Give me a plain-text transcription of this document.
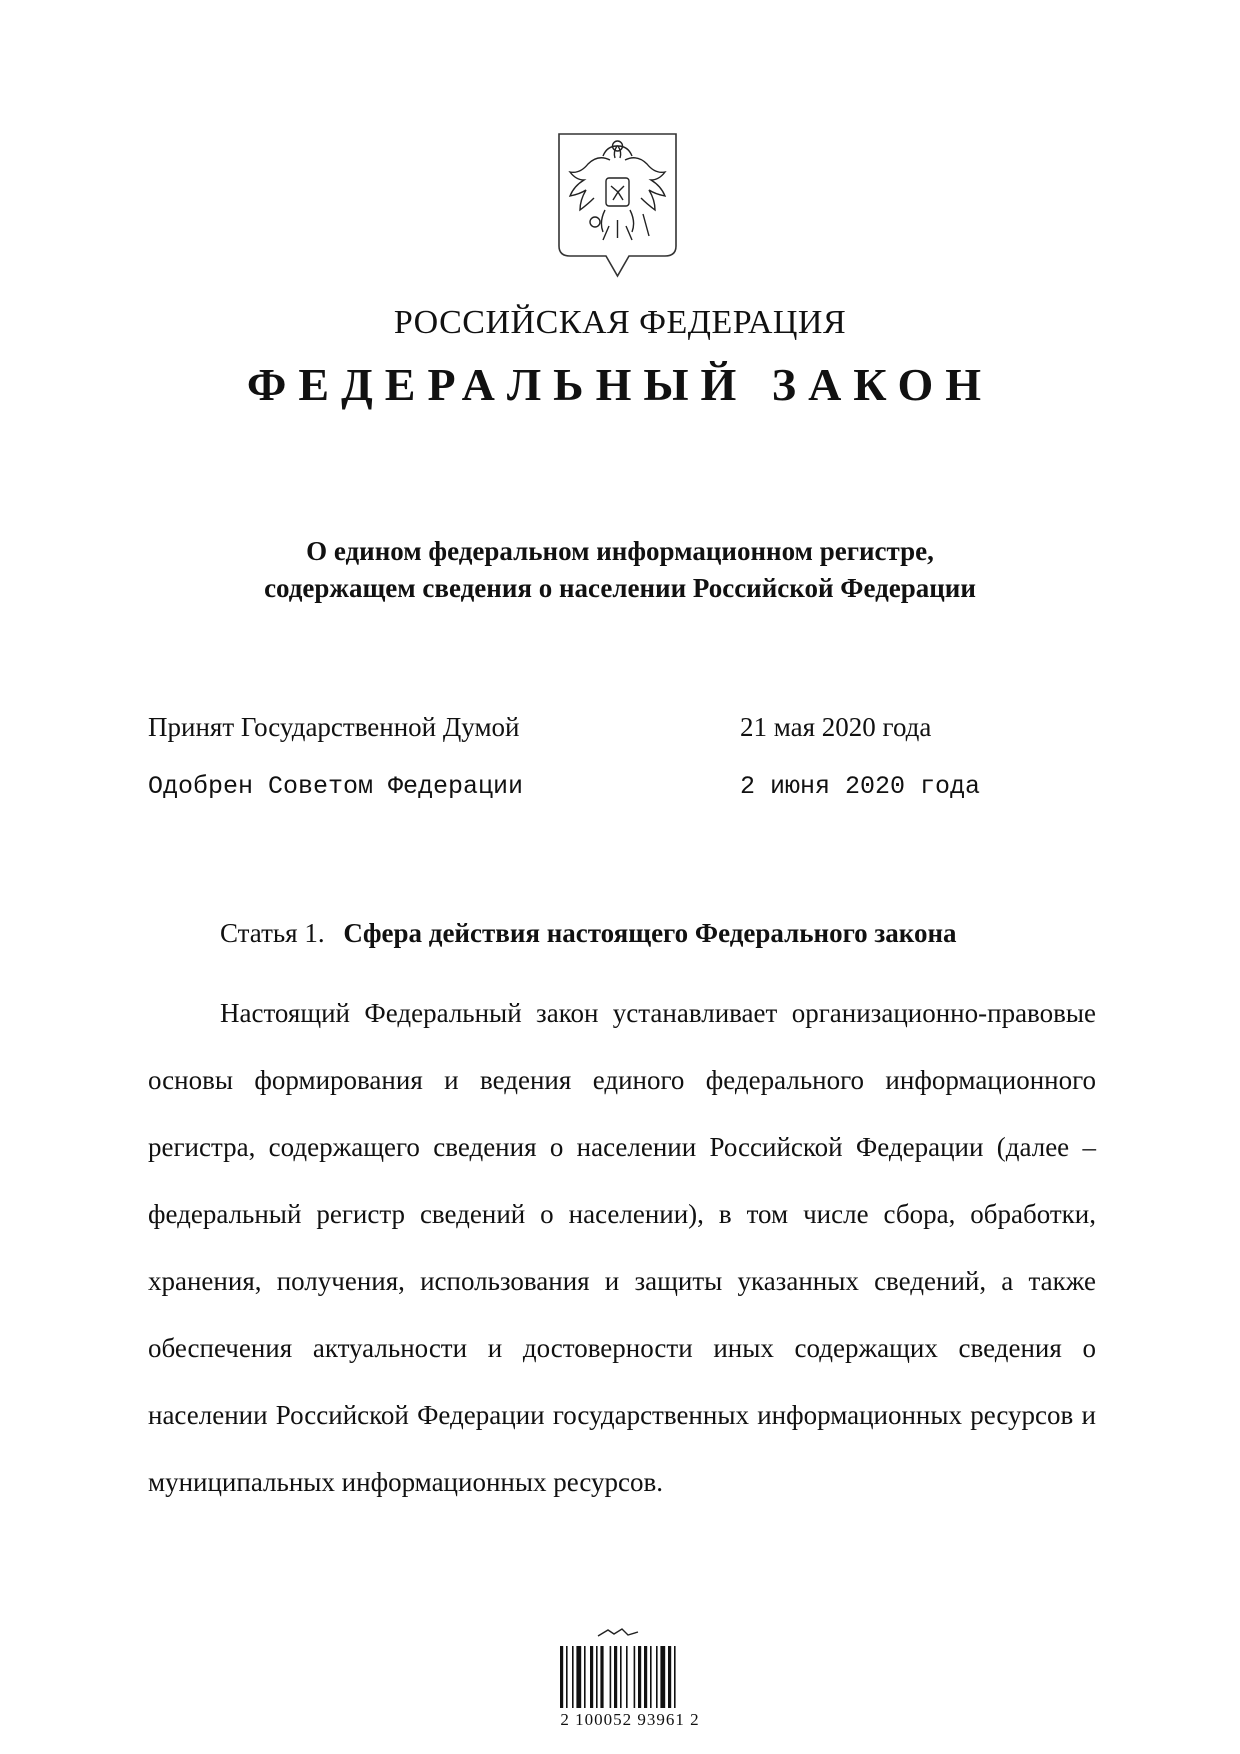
РОССИЙСКАЯ ФЕДЕРАЦИЯ
ФЕДЕРАЛЬНЫЙ ЗАКОН
О едином федеральном информационном регистре,
содержащем сведения о населении Российской Федерации
Принят Государственной Думой	21 мая 2020 года
Одобрен Советом Федерации	2 июня 2020 года
Статья 1. Сфера действия настоящего Федерального закона
Настоящий Федеральный закон устанавливает организационно-правовые основы формирования и ведения единого федерального информационного регистра, содержащего сведения о населении Российской Федерации (далее – федеральный регистр сведений о населении), в том числе сбора, обработки, хранения, получения, использования и защиты указанных сведений, а также обеспечения актуальности и достоверности иных содержащих сведения о населении Российской Федерации государственных информационных ресурсов и муниципальных информационных ресурсов.
2 100052 93961 2
